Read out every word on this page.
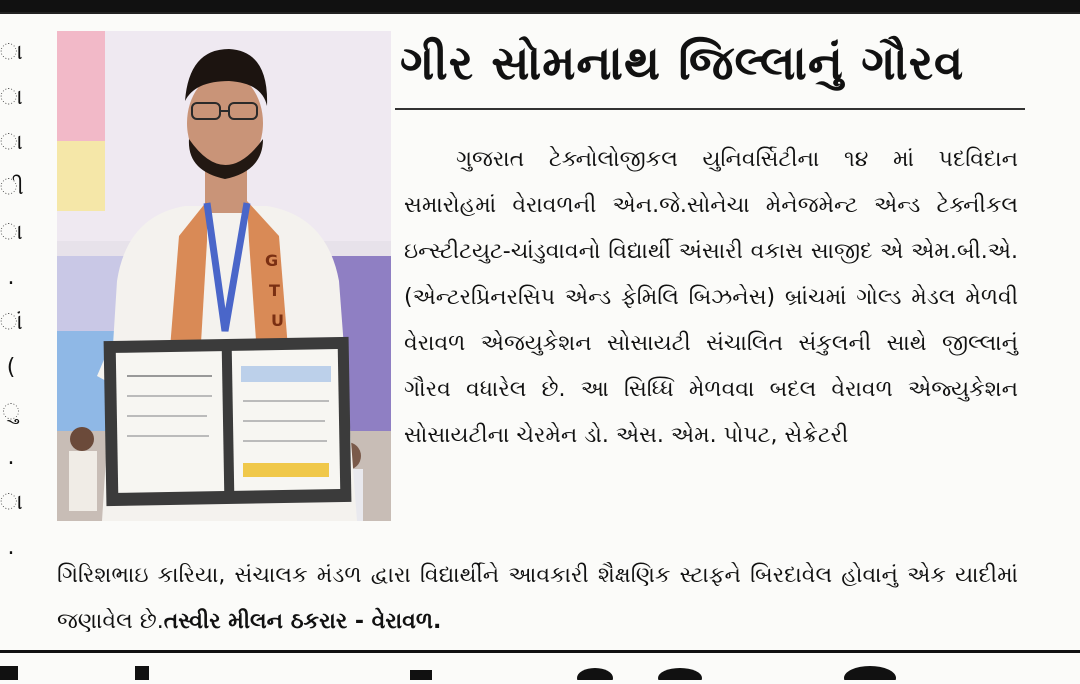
ા
ા
ા
ી
ા
.
ાં
(
ુ
.
ા
.
G
T
U
ગીર સોમનાથ જિલ્લાનું ગૌરવ
ગુજરાત ટેક્નોલોજીકલ યુનિવર્સિટીના ૧૪ માં પદવિદાન સમારોહમાં વેરાવળની એન.જે.સોનેચા મેનેજમેન્ટ એન્ડ ટેક્નીકલ ઇન્સ્ટીટયુટ-ચાંડુવાવનો વિદ્યાર્થી અંસારી વકાસ સાજીદ એ એમ.બી.એ. (એન્ટરપ્રિનરસિપ એન્ડ ફેમિલિ બિઝનેસ) બ્રાંચમાં ગોલ્ડ મેડલ મેળવી વેરાવળ એજયુકેશન સોસાયટી સંચાલિત સંકુલની સાથે જીલ્લાનું ગૌરવ વધારેલ છે. આ સિધ્ધિ મેળવવા બદલ વેરાવળ એજ્યુકેશન સોસાયટીના ચેરમેન ડો. એસ. એમ. પોપટ, સેક્રેટરી
ગિરિશભાઇ કારિયા, સંચાલક મંડળ દ્વારા વિદ્યાર્થીને આવકારી શૈક્ષણિક સ્ટાફને બિરદાવેલ હોવાનું એક યાદીમાં જણાવેલ છે.તસ્વીર મીલન ઠકરાર - વેરાવળ.
